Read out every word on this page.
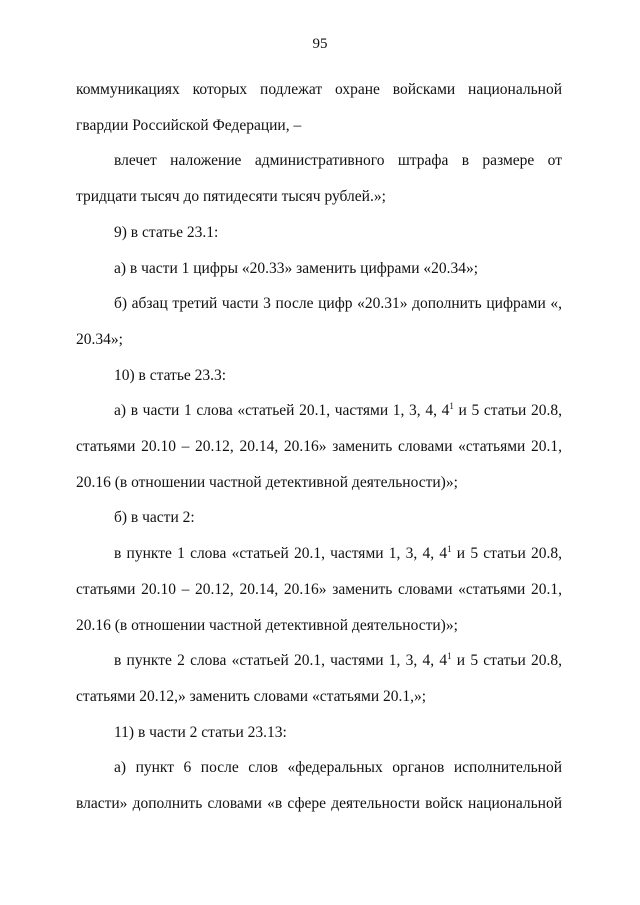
95

коммуникациях которых подлежат охране войсками национальной гвардии Российской Федерации, –

влечет наложение административного штрафа в размере от тридцати тысяч до пятидесяти тысяч рублей.»;

9) в статье 23.1:

а) в части 1 цифры «20.33» заменить цифрами «20.34»;

б) абзац третий части 3 после цифр «20.31» дополнить цифрами «, 20.34»;

10) в статье 23.3:

а) в части 1 слова «статьей 20.1, частями 1, 3, 4, $4^1$ и 5 статьи 20.8, статьями 20.10 – 20.12, 20.14, 20.16» заменить словами «статьями 20.1, 20.16 (в отношении частной детективной деятельности)»;

б) в части 2:

в пункте 1 слова «статьей 20.1, частями 1, 3, 4, $4^1$ и 5 статьи 20.8, статьями 20.10 – 20.12, 20.14, 20.16» заменить словами «статьями 20.1, 20.16 (в отношении частной детективной деятельности)»;

в пункте 2 слова «статьей 20.1, частями 1, 3, 4, $4^1$ и 5 статьи 20.8, статьями 20.12,» заменить словами «статьями 20.1,»;

11) в части 2 статьи 23.13:

а) пункт 6 после слов «федеральных органов исполнительной власти» дополнить словами «в сфере деятельности войск национальной
